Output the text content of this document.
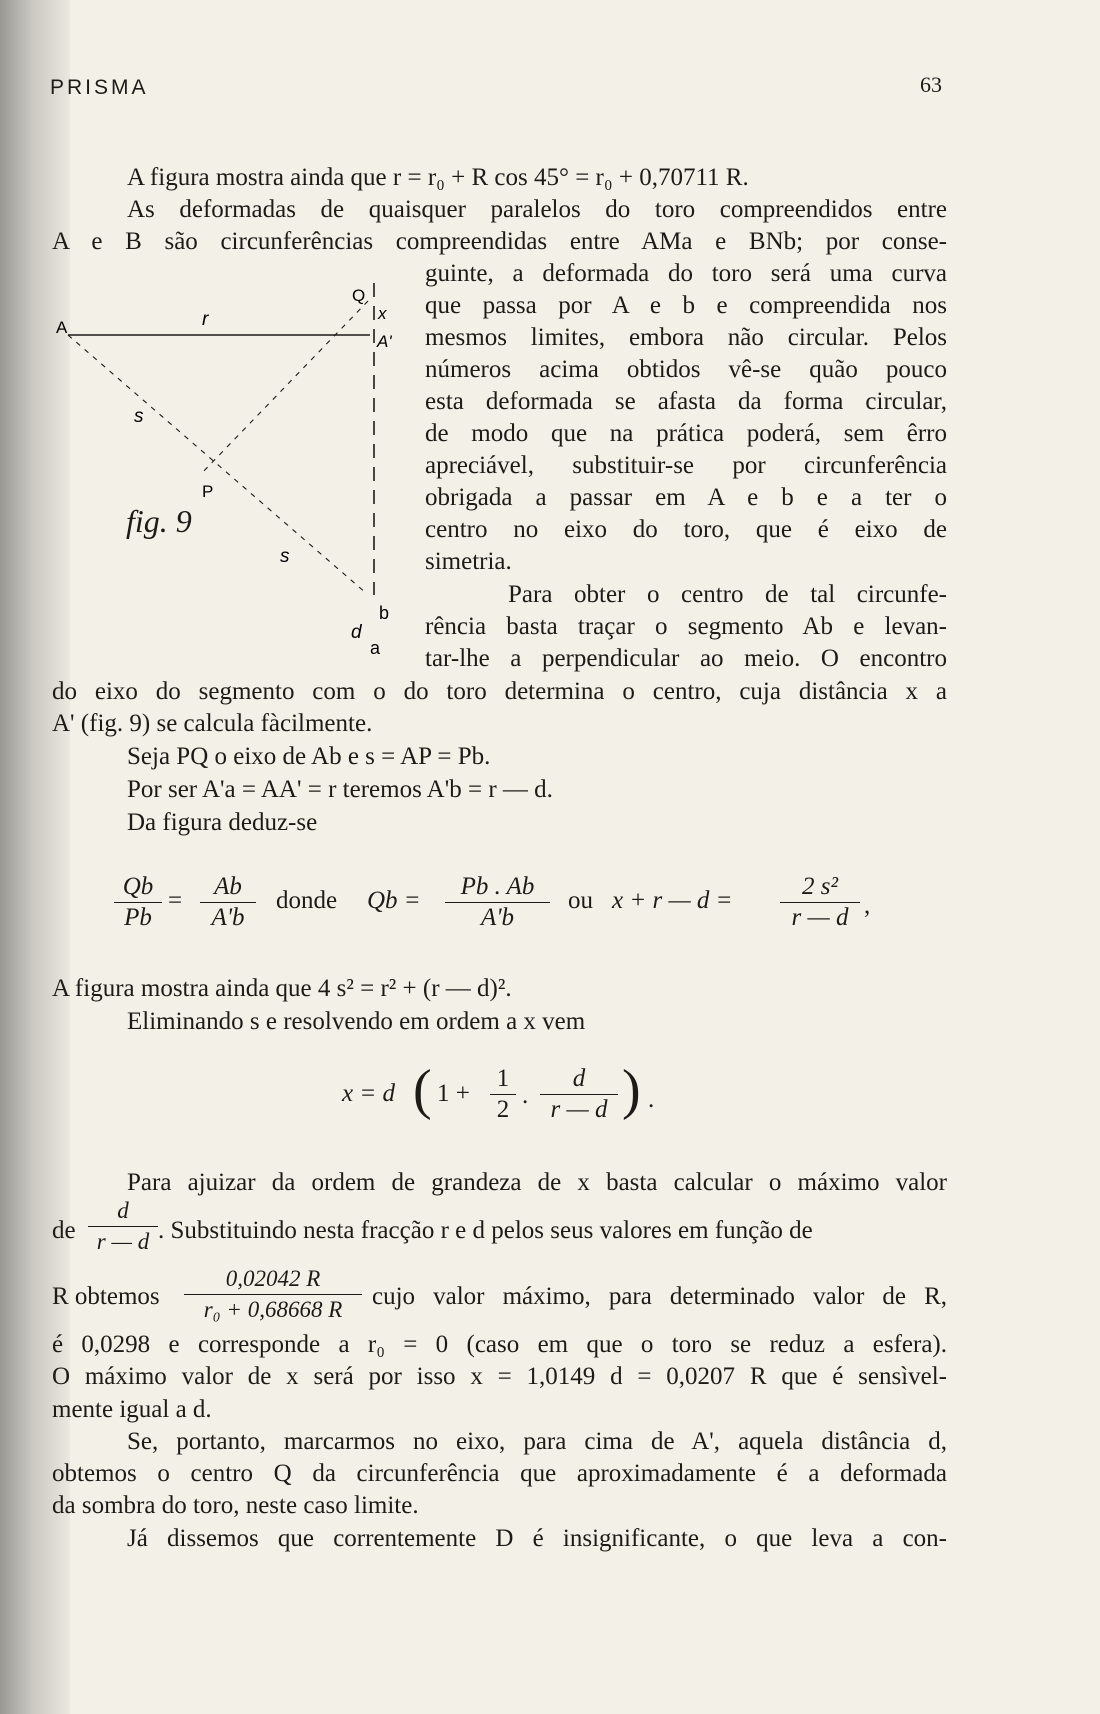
PRISMA	63
A	r
Q
x
A'
s
P
s
b
d
a
fig. 9
A figura mostra ainda que r = r₀ + R cos 45° = r₀ + 0,70711 R.
As deformadas de quaisquer paralelos do toro compreendidos entre
A e B são circunferências compreendidas entre AMa e BNb; por conse-
guinte, a deformada do toro será uma curva
que passa por A e b e compreendida nos
mesmos limites, embora não circular. Pelos
números acima obtidos vê-se quão pouco
esta deformada se afasta da forma circular,
de modo que na prática poderá, sem êrro
apreciável, substituir-se por circunferência
obrigada a passar em A e b e a ter o
centro no eixo do toro, que é eixo de
simetria.
Para obter o centro de tal circunfe-
rência basta traçar o segmento Ab e levan-
tar-lhe a perpendicular ao meio. O encontro
do eixo do segmento com o do toro determina o centro, cuja distância x a
A' (fig. 9) se calcula fàcilmente.
Seja PQ o eixo de Ab e s = AP = Pb.
Por ser A'a = AA' = r teremos A'b = r — d.
Da figura deduz-se
$\frac{Qb}{Pb} = \frac{Ab}{A'b}$ donde $Qb = \frac{Pb . Ab}{A'b}$ ou x + r — $d = \frac{\text{2 s²}}{r — d}$ ,
A figura mostra ainda que 4 s² = r² + (r — d)².
Eliminando s e resolvendo em ordem a x vem
x = d ( $1 + \frac{1}{2}$ . $\frac{d}{r — d}$ ) .
Para ajuizar da ordem de grandeza de x basta calcular o máximo valor
de $\frac{d}{r — d}$ . Substituindo nesta fracção r e d pelos seus valores em função de
R obtemos $\frac{0,02042 R}{\text{r₀ + 0,68668 R}}$ cujo valor máximo, para determinado valor de R,
é 0,0298 e corresponde a r₀ = 0 (caso em que o toro se reduz a esfera).
O máximo valor de x será por isso x = 1,0149 d = 0,0207 R que é sensìvel-
mente igual a d.
Se, portanto, marcarmos no eixo, para cima de A', aquela distância d,
obtemos o centro Q da circunferência que aproximadamente é a deformada
da sombra do toro, neste caso limite.
Já dissemos que correntemente D é insignificante, o que leva a con-
